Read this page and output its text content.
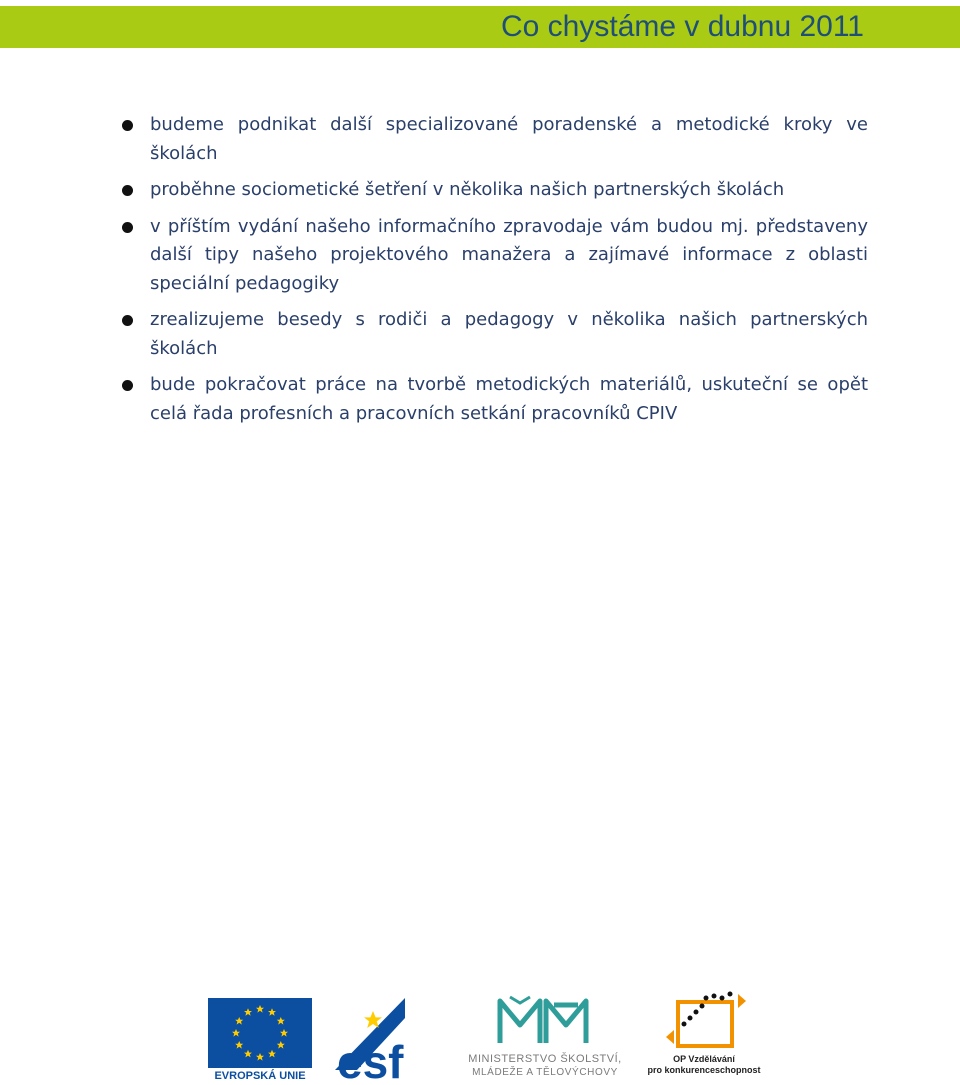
Co chystáme v dubnu 2011
budeme podnikat další specializované poradenské a metodické kroky ve školách
proběhne sociometické šetření v několika našich partnerských školách
v příštím vydání našeho informačního zpravodaje vám budou mj. představeny další tipy našeho projektového manažera a zajímavé informace z oblasti speciální pedagogiky
zrealizujeme besedy s rodiči a pedagogy v několika našich partnerských školách
bude pokračovat práce na tvorbě metodických materiálů, uskuteční se opět celá řada profesních a pracovních setkání pracovníků CPIV
EVROPSKÁ UNIE esf	MINISTERSTVO ŠKOLSTVÍ,
MLÁDEŽE A TĚLOVÝCHOVY
OP Vzdělávání
pro konkurenceschopnost
